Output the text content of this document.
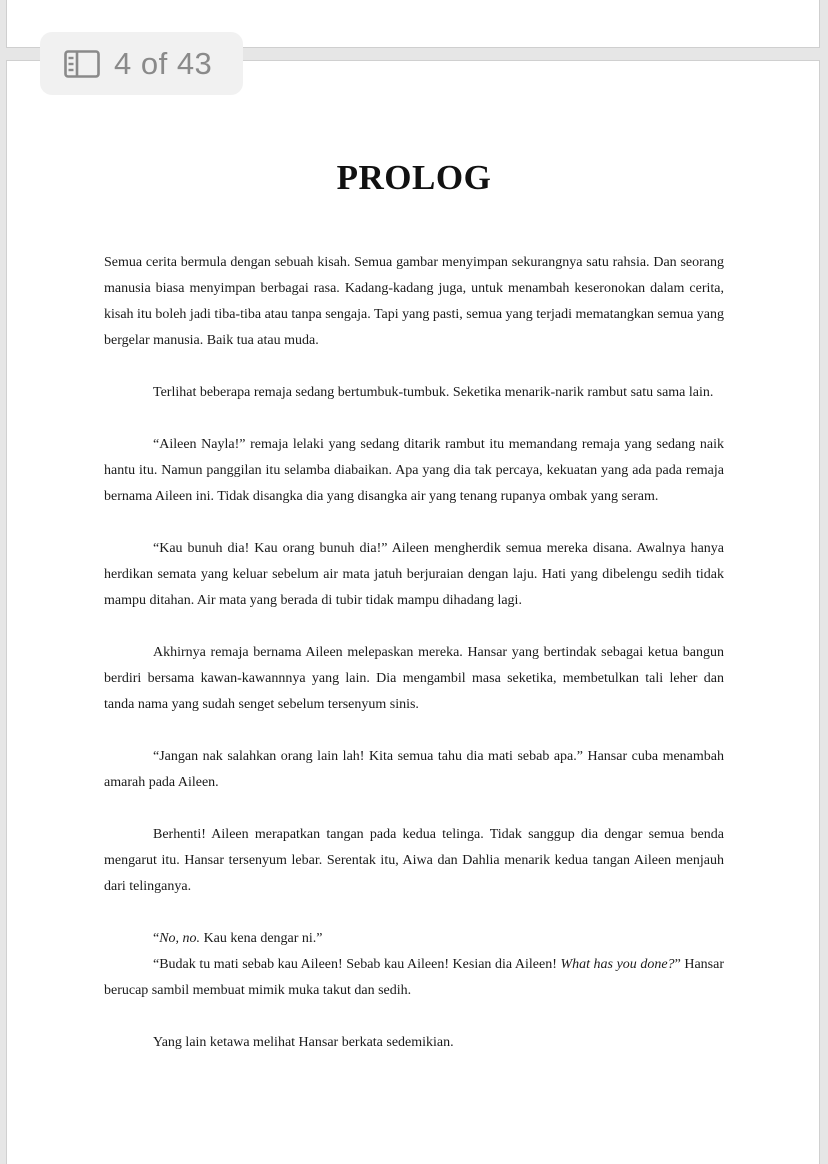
4 of 43
PROLOG

Semua cerita bermula dengan sebuah kisah. Semua gambar menyimpan sekurangnya satu rahsia. Dan seorang manusia biasa menyimpan berbagai rasa. Kadang-kadang juga, untuk menambah keseronokan dalam cerita, kisah itu boleh jadi tiba-tiba atau tanpa sengaja. Tapi yang pasti, semua yang terjadi mematangkan semua yang bergelar manusia. Baik tua atau muda.

Terlihat beberapa remaja sedang bertumbuk-tumbuk. Seketika menarik-narik rambut satu sama lain.

“Aileen Nayla!” remaja lelaki yang sedang ditarik rambut itu memandang remaja yang sedang naik hantu itu. Namun panggilan itu selamba diabaikan. Apa yang dia tak percaya, kekuatan yang ada pada remaja bernama Aileen ini. Tidak disangka dia yang disangka air yang tenang rupanya ombak yang seram.

“Kau bunuh dia! Kau orang bunuh dia!” Aileen mengherdik semua mereka disana. Awalnya hanya herdikan semata yang keluar sebelum air mata jatuh berjuraian dengan laju. Hati yang dibelengu sedih tidak mampu ditahan. Air mata yang berada di tubir tidak mampu dihadang lagi.

Akhirnya remaja bernama Aileen melepaskan mereka. Hansar yang bertindak sebagai ketua bangun berdiri bersama kawan-kawannnya yang lain. Dia mengambil masa seketika, membetulkan tali leher dan tanda nama yang sudah senget sebelum tersenyum sinis.

“Jangan nak salahkan orang lain lah! Kita semua tahu dia mati sebab apa.” Hansar cuba menambah amarah pada Aileen.

Berhenti! Aileen merapatkan tangan pada kedua telinga. Tidak sanggup dia dengar semua benda mengarut itu. Hansar tersenyum lebar. Serentak itu, Aiwa dan Dahlia menarik kedua tangan Aileen menjauh dari telinganya.

“No, no. Kau kena dengar ni.”

“Budak tu mati sebab kau Aileen! Sebab kau Aileen! Kesian dia Aileen! What has you done?” Hansar berucap sambil membuat mimik muka takut dan sedih.

Yang lain ketawa melihat Hansar berkata sedemikian.
